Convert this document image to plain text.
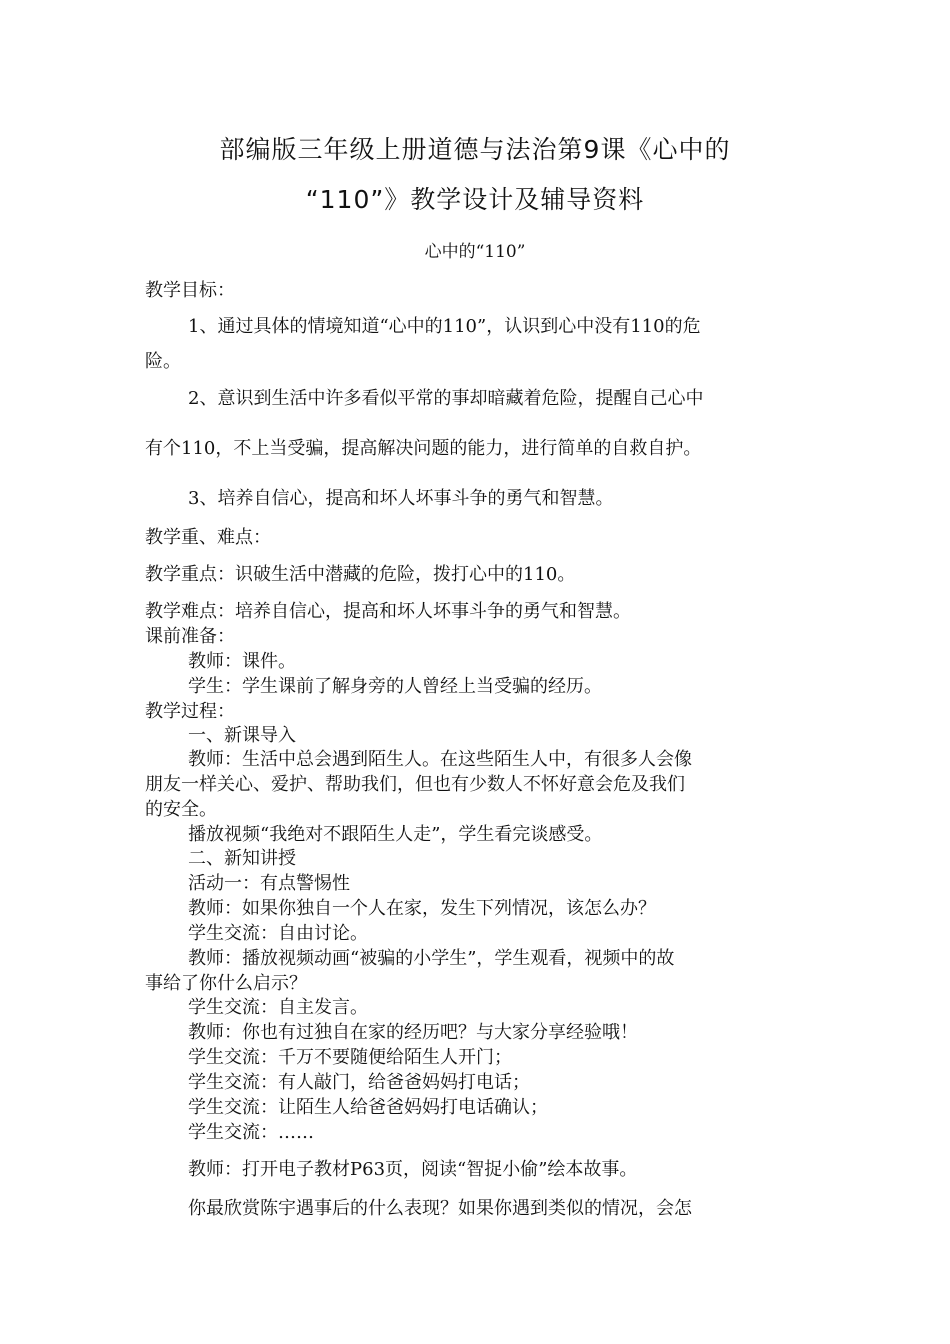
部编版三年级上册道德与法治第9课《心中的
“110”》教学设计及辅导资料
心中的“110”
教学目标：
1、通过具体的情境知道“心中的110”，认识到心中没有110的危
险。
2、意识到生活中许多看似平常的事却暗藏着危险，提醒自己心中
有个110，不上当受骗，提高解决问题的能力，进行简单的自救自护。
3、培养自信心，提高和坏人坏事斗争的勇气和智慧。
教学重、难点：
教学重点：识破生活中潜藏的危险，拨打心中的110。
教学难点：培养自信心，提高和坏人坏事斗争的勇气和智慧。
课前准备：
教师：课件。
学生：学生课前了解身旁的人曾经上当受骗的经历。
教学过程：
一、新课导入
教师：生活中总会遇到陌生人。在这些陌生人中，有很多人会像
朋友一样关心、爱护、帮助我们，但也有少数人不怀好意会危及我们
的安全。
播放视频“我绝对不跟陌生人走”，学生看完谈感受。
二、新知讲授
活动一：有点警惕性
教师：如果你独自一个人在家，发生下列情况，该怎么办？
学生交流：自由讨论。
教师：播放视频动画“被骗的小学生”，学生观看，视频中的故
事给了你什么启示？
学生交流：自主发言。
教师：你也有过独自在家的经历吧？与大家分享经验哦！
学生交流：千万不要随便给陌生人开门；
学生交流：有人敲门，给爸爸妈妈打电话；
学生交流：让陌生人给爸爸妈妈打电话确认；
学生交流：……
教师：打开电子教材P63页，阅读“智捉小偷”绘本故事。
你最欣赏陈宇遇事后的什么表现？如果你遇到类似的情况，会怎
